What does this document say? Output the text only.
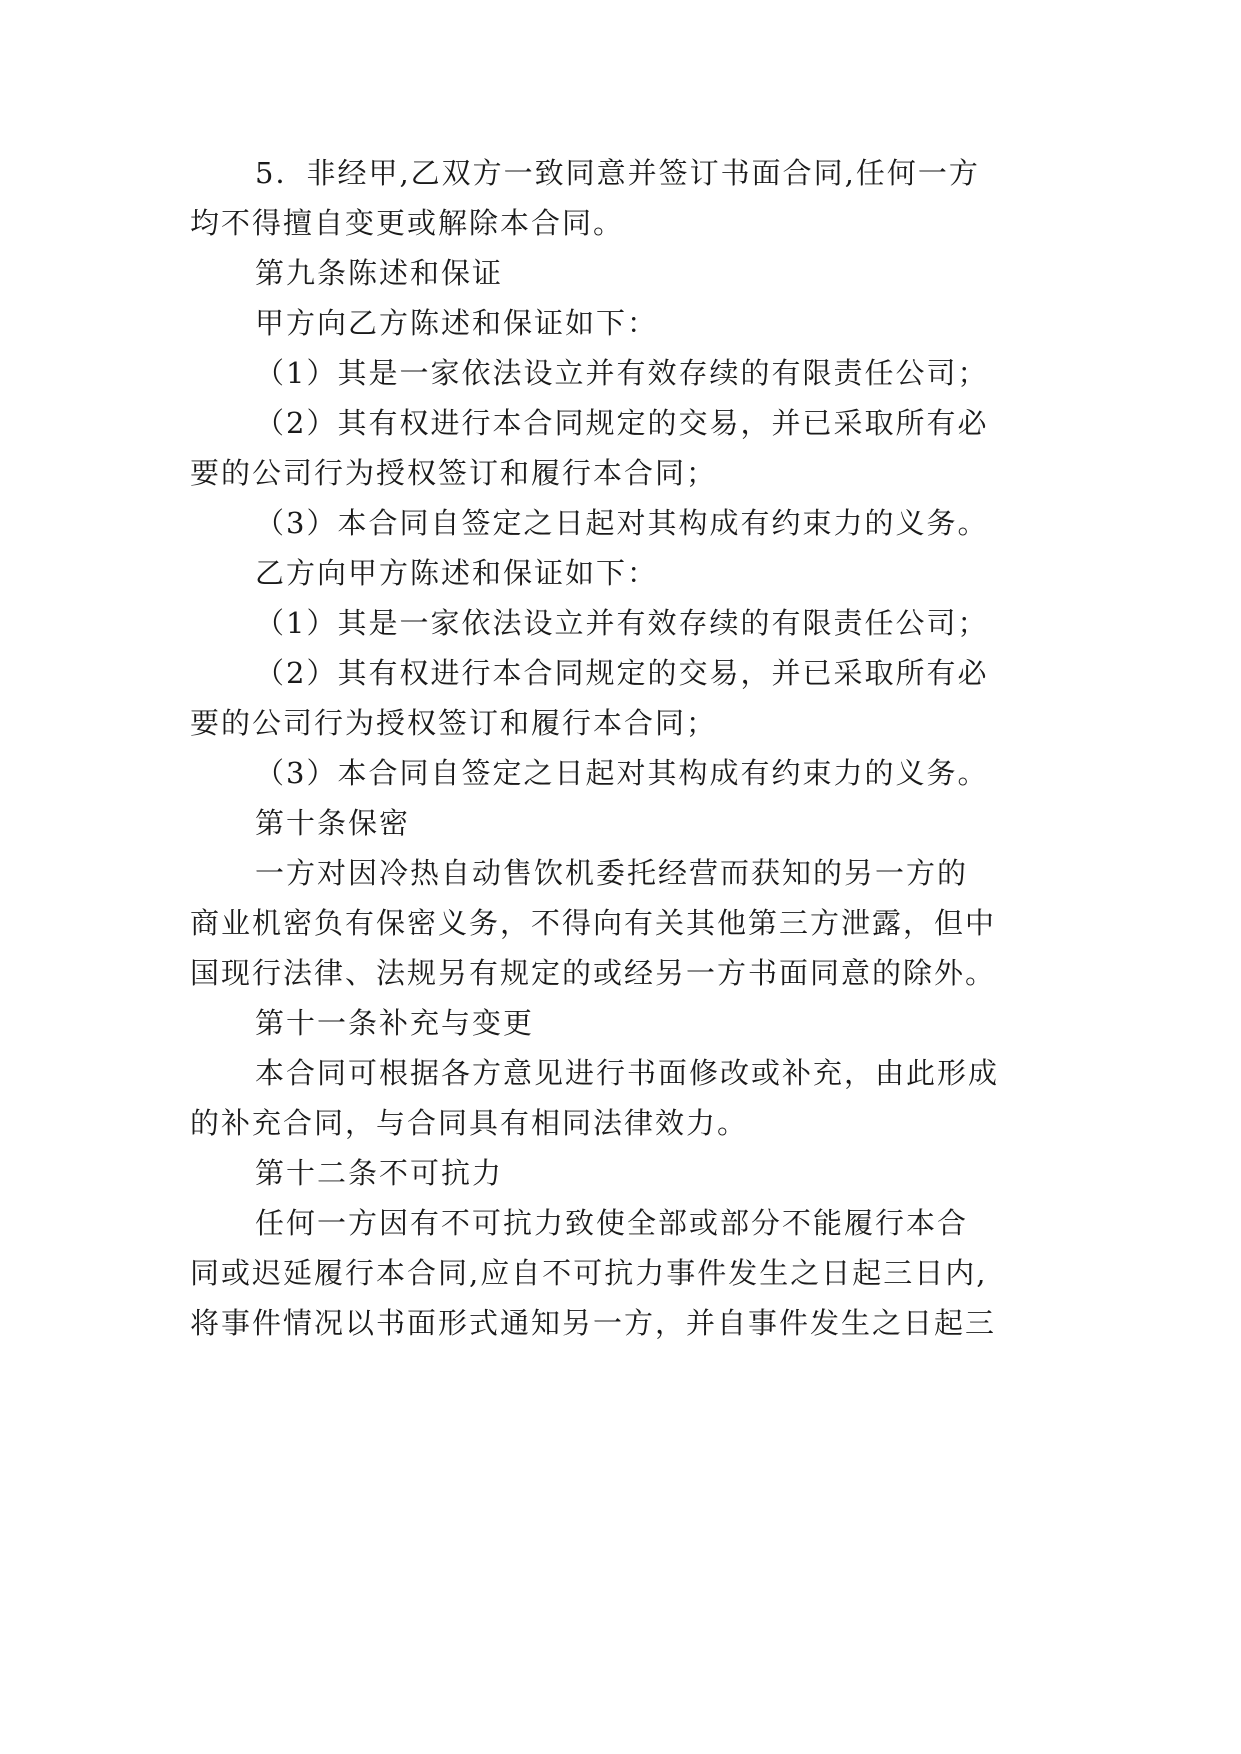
5．非经甲,乙双方一致同意并签订书面合同,任何一方
均不得擅自变更或解除本合同。
第九条陈述和保证
甲方向乙方陈述和保证如下：
（1）其是一家依法设立并有效存续的有限责任公司；
（2）其有权进行本合同规定的交易，并已采取所有必
要的公司行为授权签订和履行本合同；
（3）本合同自签定之日起对其构成有约束力的义务。
乙方向甲方陈述和保证如下：
（1）其是一家依法设立并有效存续的有限责任公司；
（2）其有权进行本合同规定的交易，并已采取所有必
要的公司行为授权签订和履行本合同；
（3）本合同自签定之日起对其构成有约束力的义务。
第十条保密
一方对因冷热自动售饮机委托经营而获知的另一方的
商业机密负有保密义务，不得向有关其他第三方泄露，但中
国现行法律、法规另有规定的或经另一方书面同意的除外。
第十一条补充与变更
本合同可根据各方意见进行书面修改或补充，由此形成
的补充合同，与合同具有相同法律效力。
第十二条不可抗力
任何一方因有不可抗力致使全部或部分不能履行本合
同或迟延履行本合同,应自不可抗力事件发生之日起三日内,
将事件情况以书面形式通知另一方，并自事件发生之日起三
